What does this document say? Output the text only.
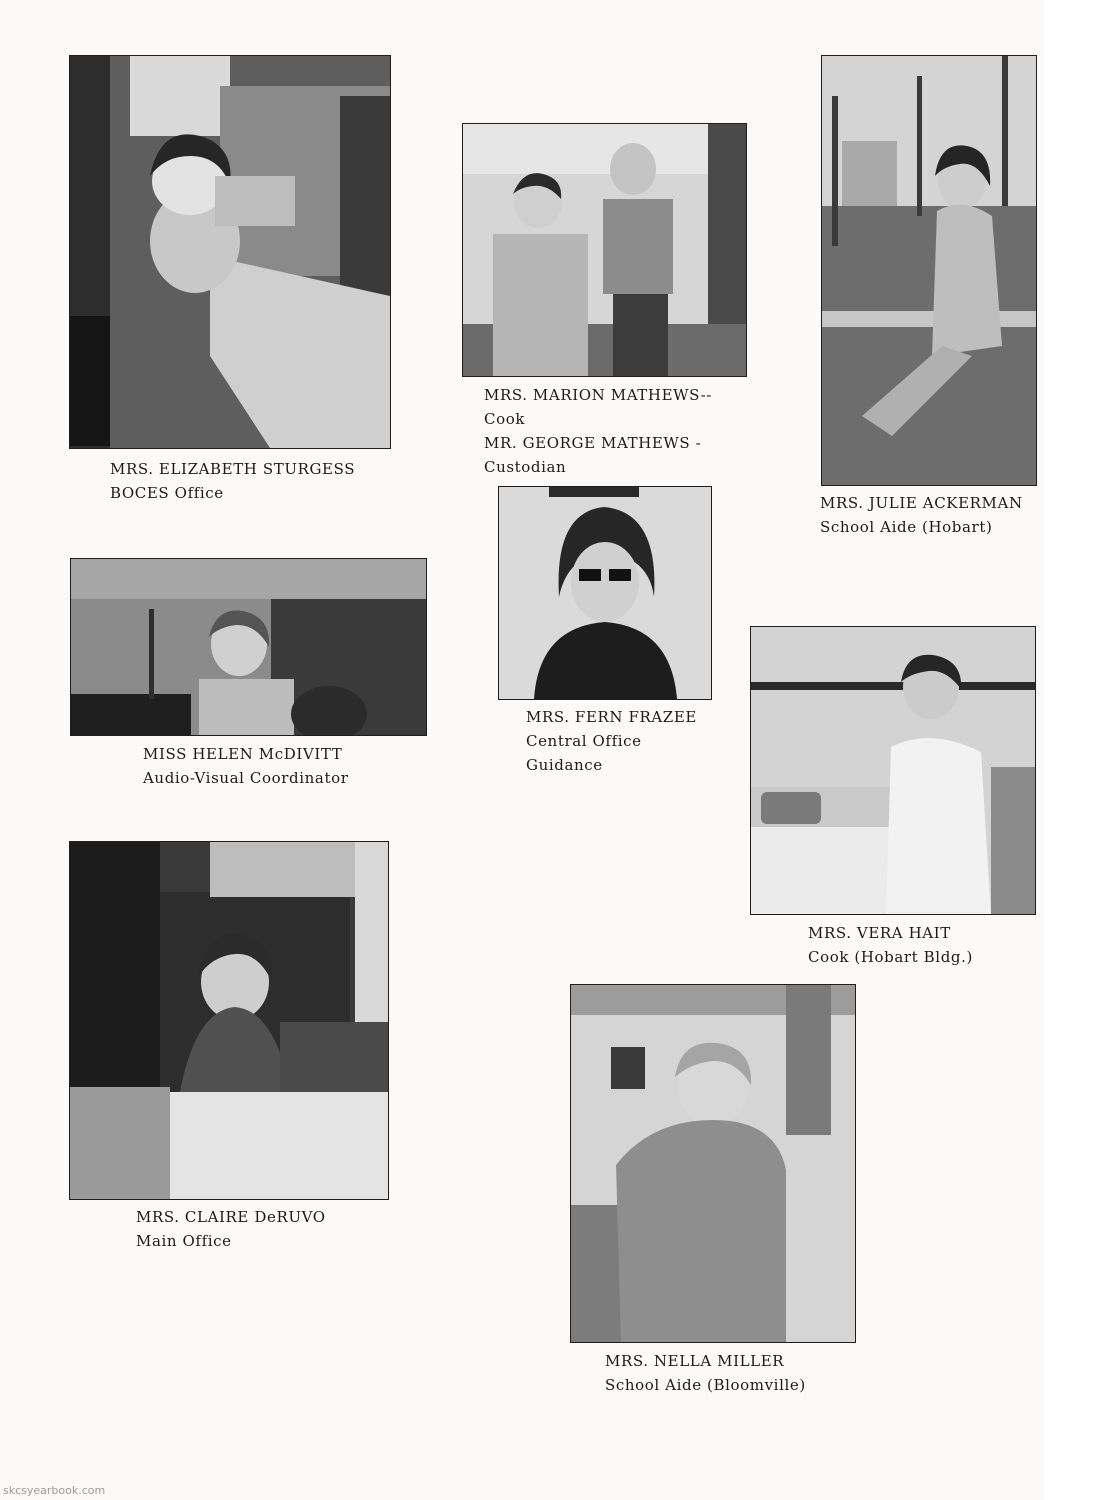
MRS. ELIZABETH STURGESS
BOCES Office
MRS. MARION MATHEWS--
Cook
MR. GEORGE MATHEWS -
Custodian
MRS. JULIE ACKERMAN
School Aide (Hobart)
MISS HELEN McDIVITT
Audio-Visual Coordinator
MRS. FERN FRAZEE
Central Office
Guidance
MRS. VERA HAIT
Cook (Hobart Bldg.)
MRS. CLAIRE DeRUVO
Main Office
MRS. NELLA MILLER
School Aide (Bloomville)
skcsyearbook.com
